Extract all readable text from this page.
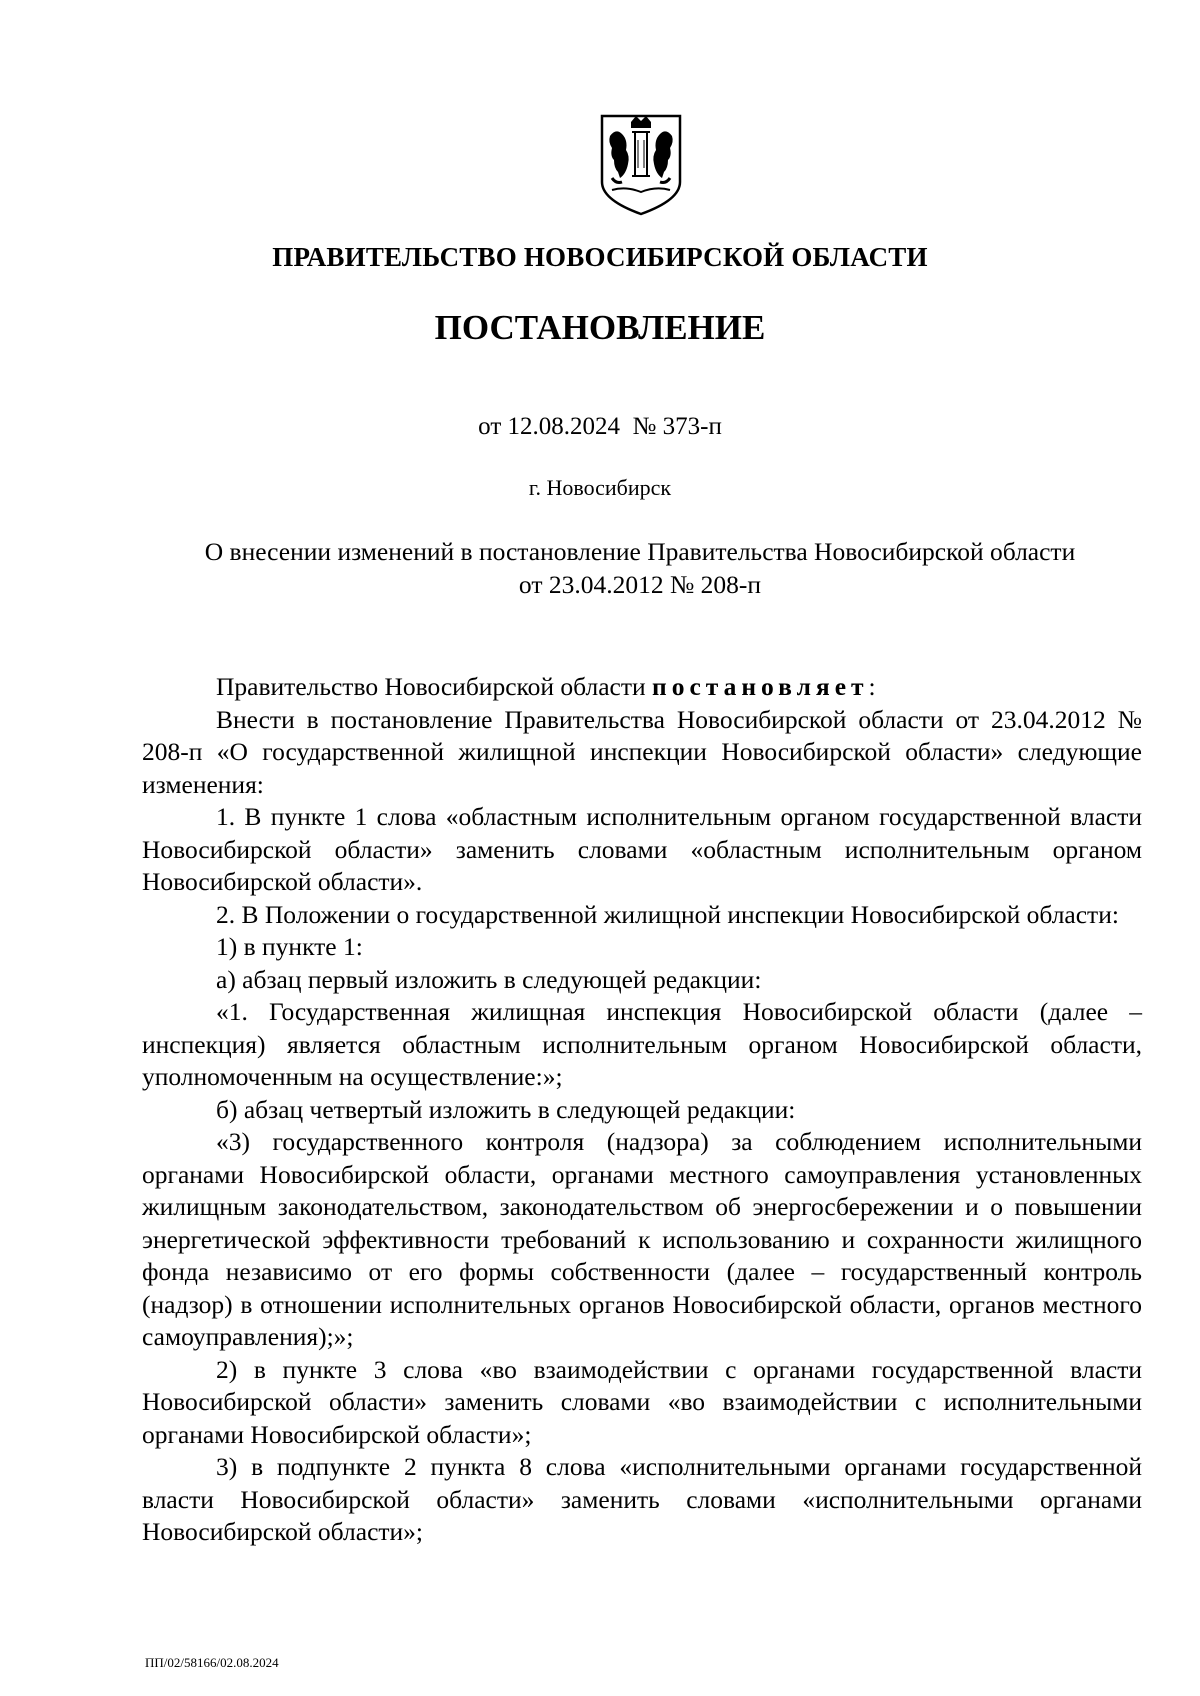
ПРАВИТЕЛЬСТВО НОВОСИБИРСКОЙ ОБЛАСТИ
ПОСТАНОВЛЕНИЕ
от 12.08.2024  № 373-п
г. Новосибирск
О внесении изменений в постановление Правительства Новосибирской области
от 23.04.2012 № 208-п

Правительство Новосибирской области постановляет:

Внести в постановление Правительства Новосибирской области от 23.04.2012 № 208-п «О государственной жилищной инспекции Новосибирской области» следующие изменения:

1. В пункте 1 слова «областным исполнительным органом государственной власти Новосибирской области» заменить словами «областным исполнительным органом Новосибирской области».

2. В Положении о государственной жилищной инспекции Новосибирской области:

1) в пункте 1:

а) абзац первый изложить в следующей редакции:

«1. Государственная жилищная инспекция Новосибирской области (далее – инспекция) является областным исполнительным органом Новосибирской области, уполномоченным на осуществление:»;

б) абзац четвертый изложить в следующей редакции:

«3) государственного контроля (надзора) за соблюдением исполнительными органами Новосибирской области, органами местного самоуправления установленных жилищным законодательством, законодательством об энергосбережении и о повышении энергетической эффективности требований к использованию и сохранности жилищного фонда независимо от его формы собственности (далее – государственный контроль (надзор) в отношении исполнительных органов Новосибирской области, органов местного самоуправления);»;

2) в пункте 3 слова «во взаимодействии с органами государственной власти Новосибирской области» заменить словами «во взаимодействии с исполнительными органами Новосибирской области»;

3) в подпункте 2 пункта 8 слова «исполнительными органами государственной власти Новосибирской области» заменить словами «исполнительными органами Новосибирской области»;

ПП/02/58166/02.08.2024
